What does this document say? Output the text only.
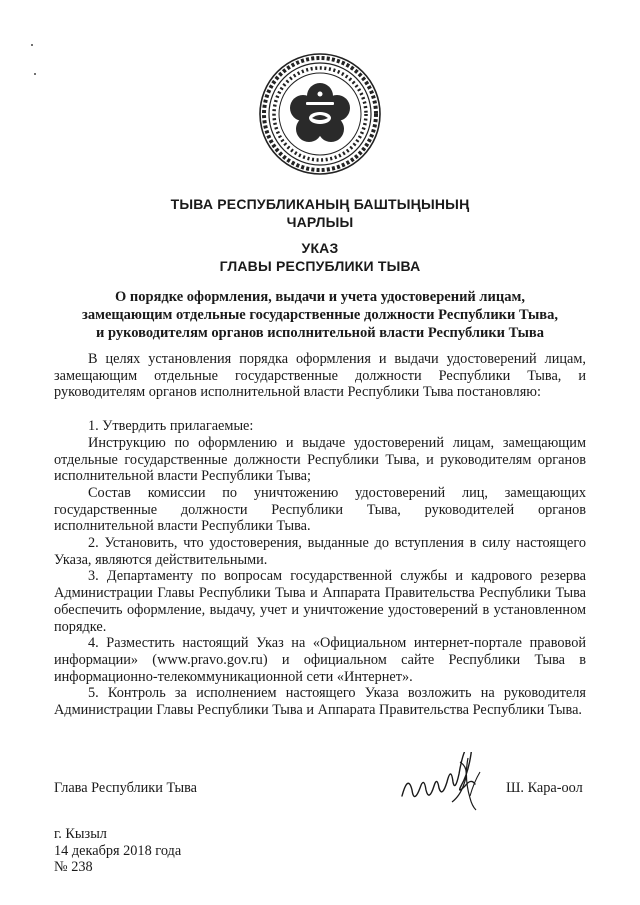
ТЫВА РЕСПУБЛИКАНЫҢ БАШТЫҢЫНЫҢ
ЧАРЛЫЫ
УКАЗ
ГЛАВЫ РЕСПУБЛИКИ ТЫВА
О порядке оформления, выдачи и учета удостоверений лицам,
замещающим отдельные государственные должности Республики Тыва,
и руководителям органов исполнительной власти Республики Тыва

В целях установления порядка оформления и выдачи удостоверений лицам, замещающим отдельные государственные должности Республики Тыва, и руководителям органов исполнительной власти Республики Тыва постановляю:

1. Утвердить прилагаемые:

Инструкцию по оформлению и выдаче удостоверений лицам, замещающим отдельные государственные должности Республики Тыва, и руководителям органов исполнительной власти Республики Тыва;

Состав комиссии по уничтожению удостоверений лиц, замещающих государственные должности Республики Тыва, руководителей органов исполнительной власти Республики Тыва.

2. Установить, что удостоверения, выданные до вступления в силу настоящего Указа, являются действительными.

3. Департаменту по вопросам государственной службы и кадрового резерва Администрации Главы Республики Тыва и Аппарата Правительства Республики Тыва обеспечить оформление, выдачу, учет и уничтожение удостоверений в установленном порядке.

4. Разместить настоящий Указ на «Официальном интернет-портале правовой информации» (www.pravo.gov.ru) и официальном сайте Республики Тыва в информационно-телекоммуникационной сети «Интернет».

5. Контроль за исполнением настоящего Указа возложить на руководителя Администрации Главы Республики Тыва и Аппарата Правительства Республики Тыва.

Глава Республики Тыва	Ш. Кара-оол
г. Кызыл
14 декабря 2018 года
№ 238
